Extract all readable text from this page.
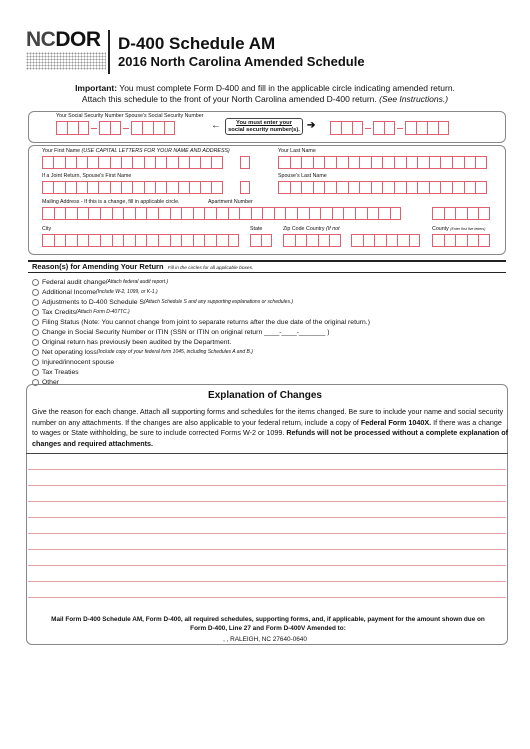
NCDOR	D-400 Schedule AM
2016 North Carolina Amended Schedule
Important: You must complete Form D-400 and fill in the applicable circle indicating amended return.
Attach this schedule to the front of your North Carolina amended D-400 return. (See Instructions.)
Your Social Security Number Spouse's Social Security Number
←	You must enter your
social security number(s). ➔
Your First Name (USE CAPITAL LETTERS FOR YOUR NAME AND ADDRESS)	Your Last Name
If a Joint Return, Spouse's First Name	Spouse's Last Name
Mailing Address - If this is a change, fill in applicable circle.	Apartment Number
City	State	Zip Code Country (If not	County (Enter first five letters)
Reason(s) for Amending Your Return Fill in the circles for all applicable boxes.
Federal audit change (Attach federal audit report.)
Additional Income (Include W-2, 1099, or K-1.)
Adjustments to D-400 Schedule S (Attach Schedule S and any supporting explanations or schedules.)
Tax Credits (Attach Form D-407TC.)
Filing Status (Note: You cannot change from joint to separate returns after the due date of the original return.)
Change in Social Security Number or ITIN (SSN or ITIN on original return ____-____-_______ )
Original return has previously been audited by the Department.
Net operating loss (Include copy of your federal form 1045, including Schedules A and B.)
Injured/innocent spouse
Tax Treaties
Other
Explanation of Changes
Give the reason for each change. Attach all supporting forms and schedules for the items changed. Be sure to include your name and social security number on any attachments. If the changes are also applicable to your federal return, include a copy of Federal Form 1040X. If there was a change to wages or State withholding, be sure to include corrected Forms W-2 or 1099. Refunds will not be processed without a complete explanation of changes and required attachments.
Mail Form D-400 Schedule AM, Form D-400, all required schedules, supporting forms, and, if applicable, payment for the amount shown due on
Form D-400, Line 27 and Form D-400V Amended to:
, , RALEIGH, NC 27640-0640
